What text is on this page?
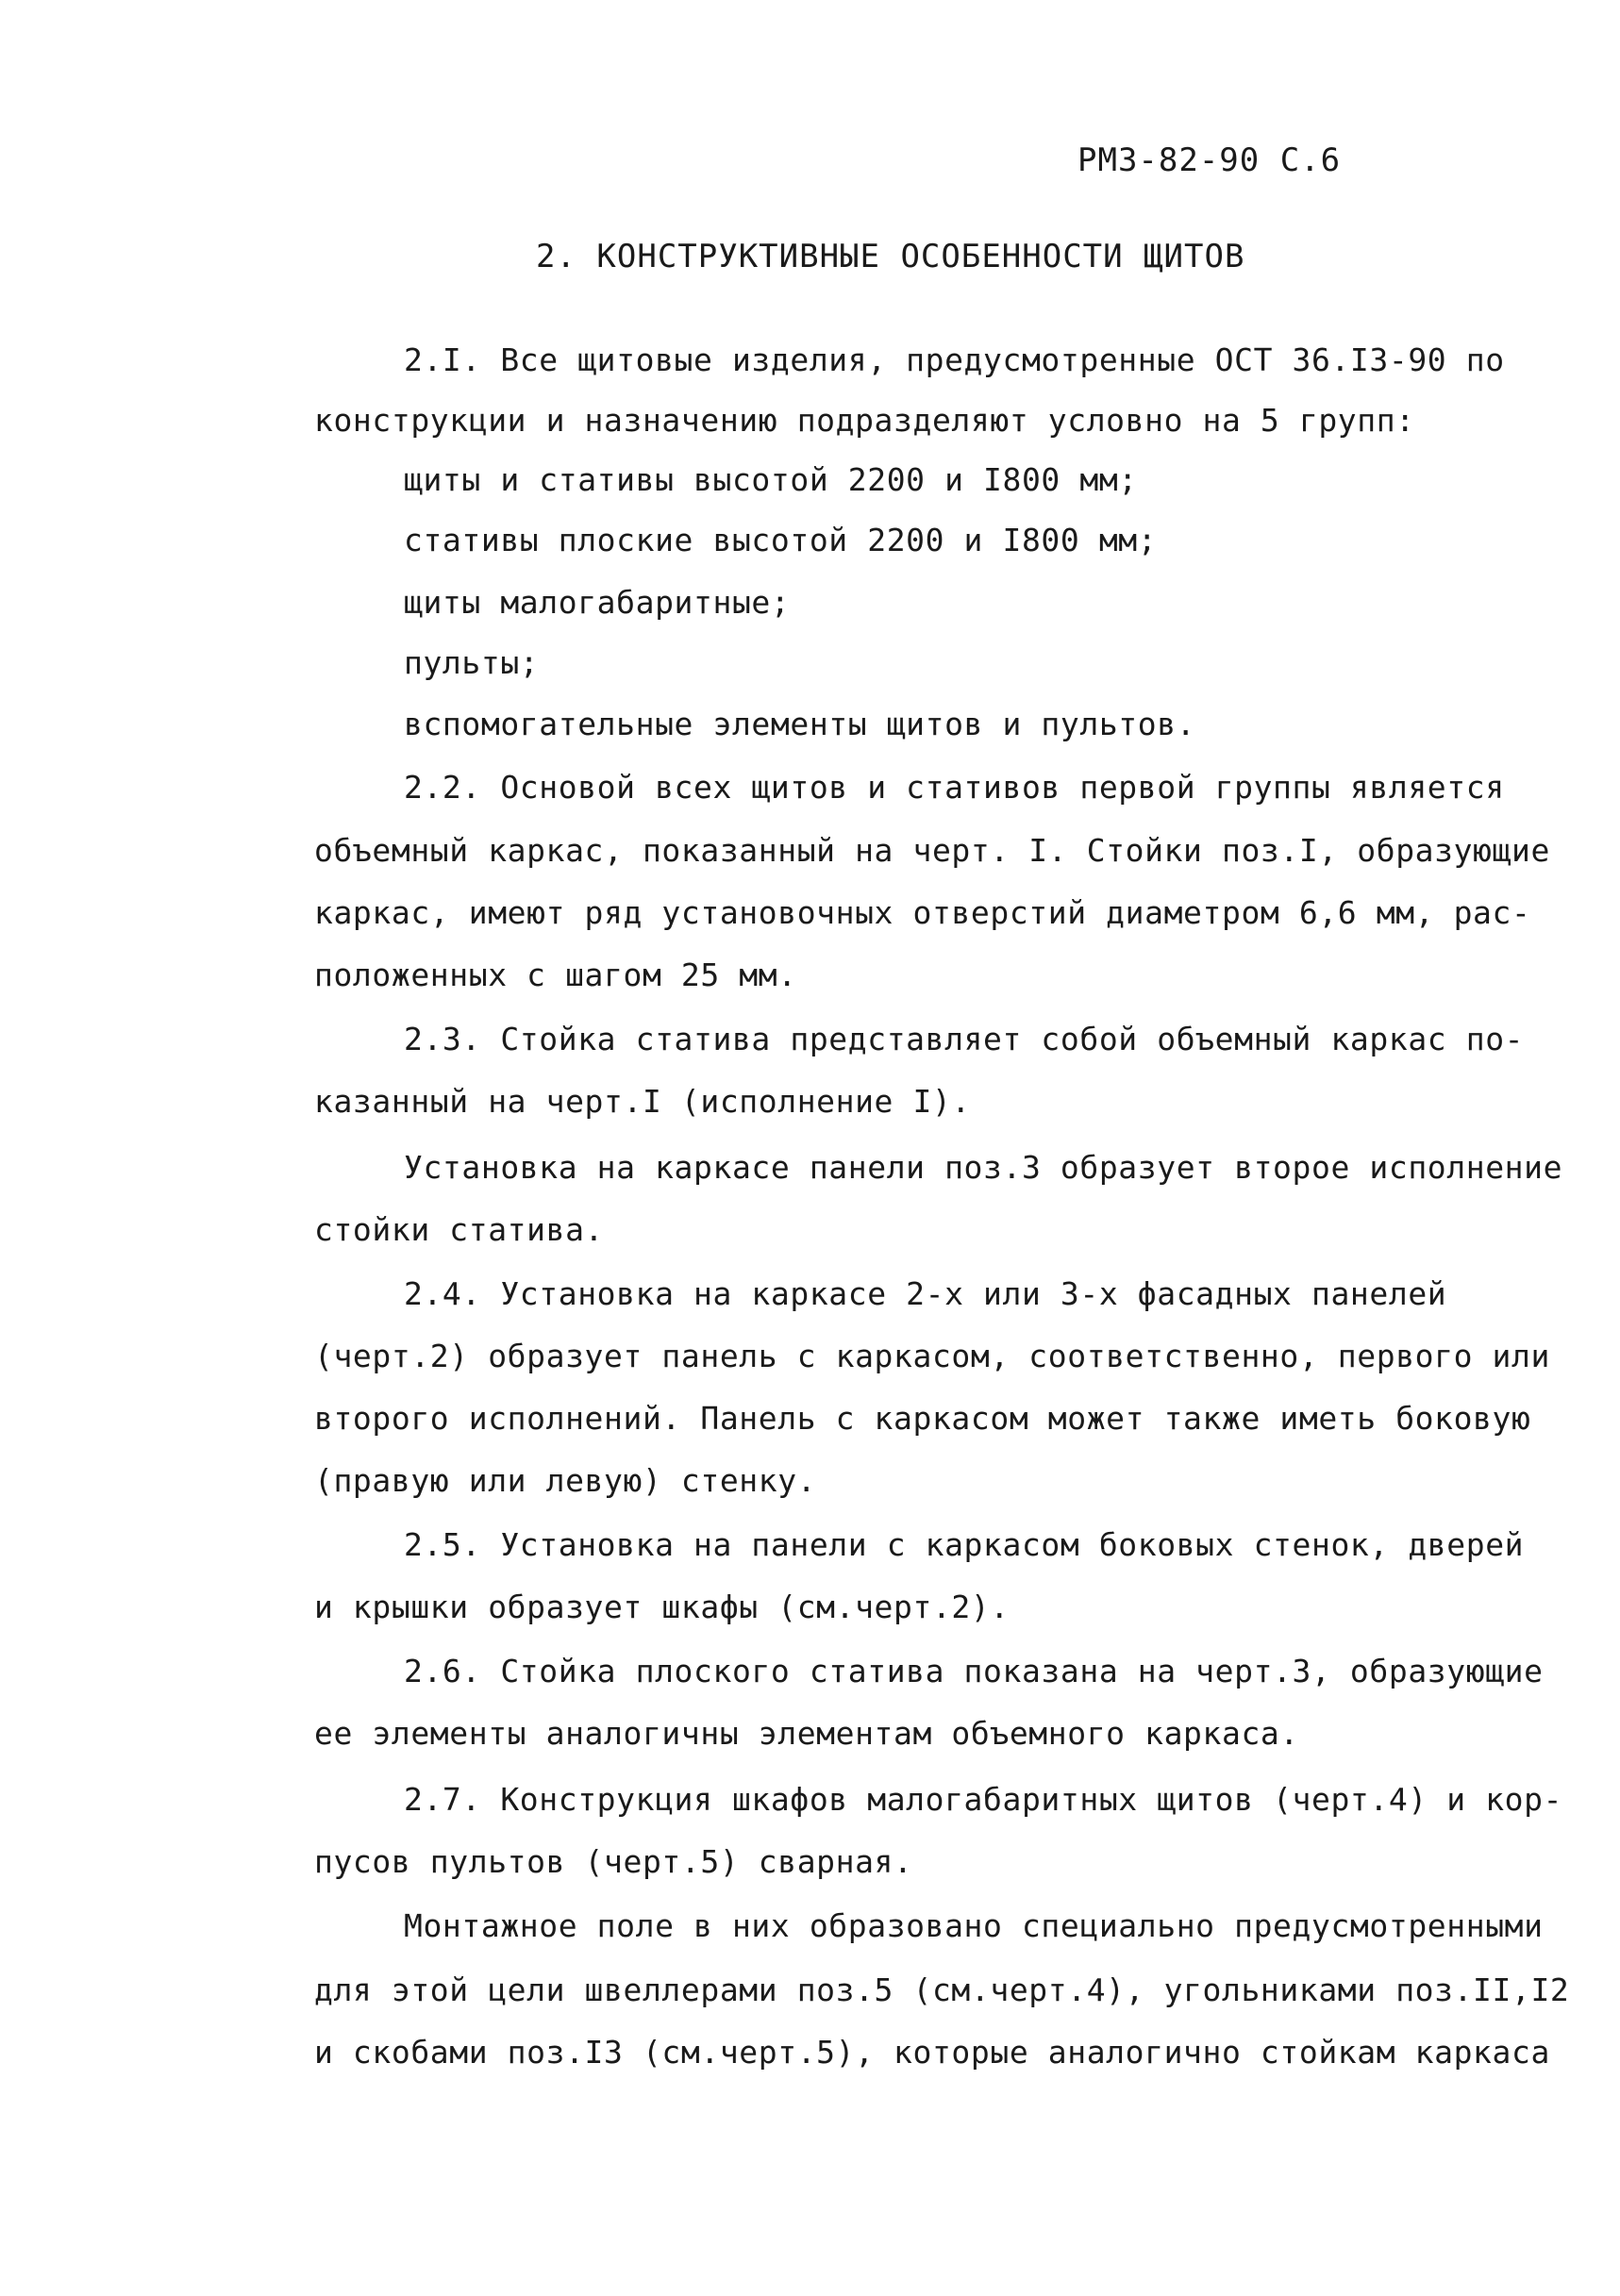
РМЗ-82-90 С.6
2. КОНСТРУКТИВНЫЕ ОСОБЕННОСТИ ЩИТОВ
2.I. Все щитовые изделия, предусмотренные ОСТ 36.I3-90 по
конструкции и назначению подразделяют условно на 5 групп:
щиты и стативы высотой 2200 и I800 мм;
стативы плоские высотой 2200 и I800 мм;
щиты малогабаритные;
пульты;
вспомогательные элементы щитов и пультов.
2.2. Основой всех щитов и стативов первой группы является
объемный каркас, показанный на черт. I. Стойки поз.I, образующие
каркас, имеют ряд установочных отверстий диаметром 6,6 мм, рас-
положенных с шагом 25 мм.
2.3. Стойка статива представляет собой объемный каркас по-
казанный на черт.I (исполнение I).
Установка на каркасе панели поз.3 образует второе исполнение
стойки статива.
2.4. Установка на каркасе 2-х или 3-х фасадных панелей
(черт.2) образует панель с каркасом, соответственно, первого или
второго исполнений. Панель с каркасом может также иметь боковую
(правую или левую) стенку.
2.5. Установка на панели с каркасом боковых стенок, дверей
и крышки образует шкафы (см.черт.2).
2.6. Стойка плоского статива показана на черт.3, образующие
ее элементы аналогичны элементам объемного каркаса.
2.7. Конструкция шкафов малогабаритных щитов (черт.4) и кор-
пусов пультов (черт.5) сварная.
Монтажное поле в них образовано специально предусмотренными
для этой цели швеллерами поз.5 (см.черт.4), угольниками поз.II,I2
и скобами поз.I3 (см.черт.5), которые аналогично стойкам каркаса
